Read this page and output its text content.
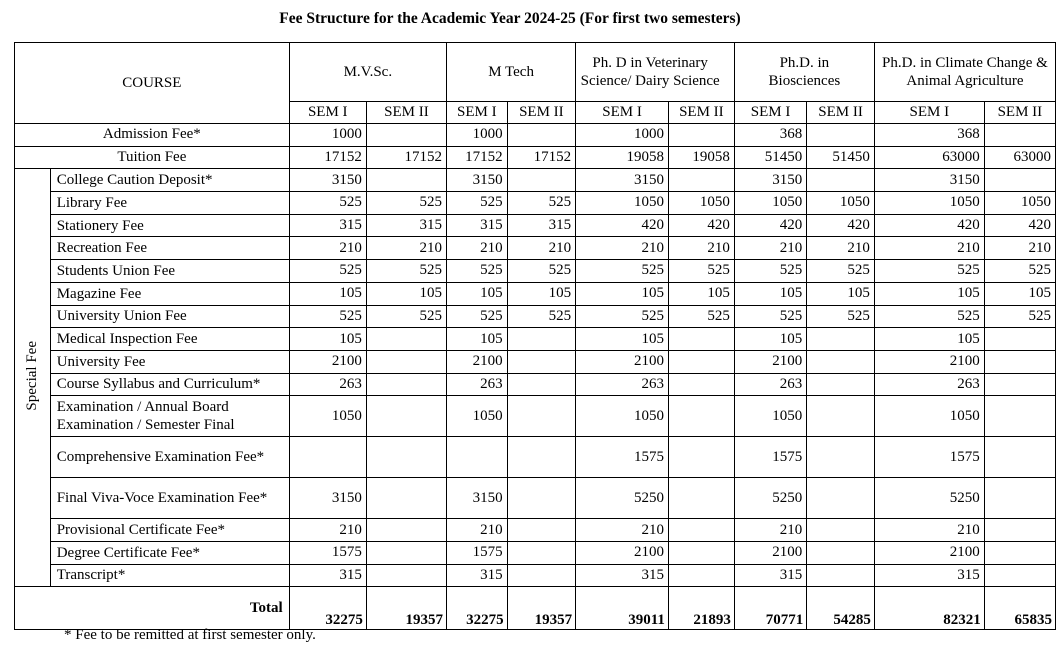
Fee Structure for the Academic Year 2024-25 (For first two semesters)
COURSE		M.V.Sc.		M Tech		Ph. D in Veterinary Science/ Dairy Science		Ph.D. in Biosciences		Ph.D. in Climate Change & Animal Agriculture	

		SEM I	SEM II	SEM I	SEM II	SEM I	SEM II	SEM I	SEM II	SEM I	SEM II
Admission Fee*		1000		1000		1000		368		368	
Tuition Fee		17152	17152	17152	17152	19058	19058	51450	51450	63000	63000
Special Fee	College Caution Deposit*	3150		3150		3150		3150		3150	
	Library Fee	525	525	525	525	1050	1050	1050	1050	1050	1050
	Stationery Fee	315	315	315	315	420	420	420	420	420	420
	Recreation Fee	210	210	210	210	210	210	210	210	210	210
	Students Union Fee	525	525	525	525	525	525	525	525	525	525
	Magazine Fee	105	105	105	105	105	105	105	105	105	105
	University Union Fee	525	525	525	525	525	525	525	525	525	525
	Medical Inspection Fee	105		105		105		105		105	
	University Fee	2100		2100		2100		2100		2100	
	Course Syllabus and Curriculum*	263		263		263		263		263	
	Examination / Annual Board Examination / Semester Final	1050		1050		1050		1050		1050	
	Comprehensive Examination Fee*					1575		1575		1575	
	Final Viva-Voce Examination Fee*	3150		3150		5250		5250		5250	
	Provisional Certificate Fee*	210		210		210		210		210	
	Degree Certificate Fee*	1575		1575		2100		2100		2100	
	Transcript*	315		315		315		315		315	
Total		32275	19357	32275	19357	39011	21893	70771	54285	82321	65835
* Fee to be remitted at first semester only.
